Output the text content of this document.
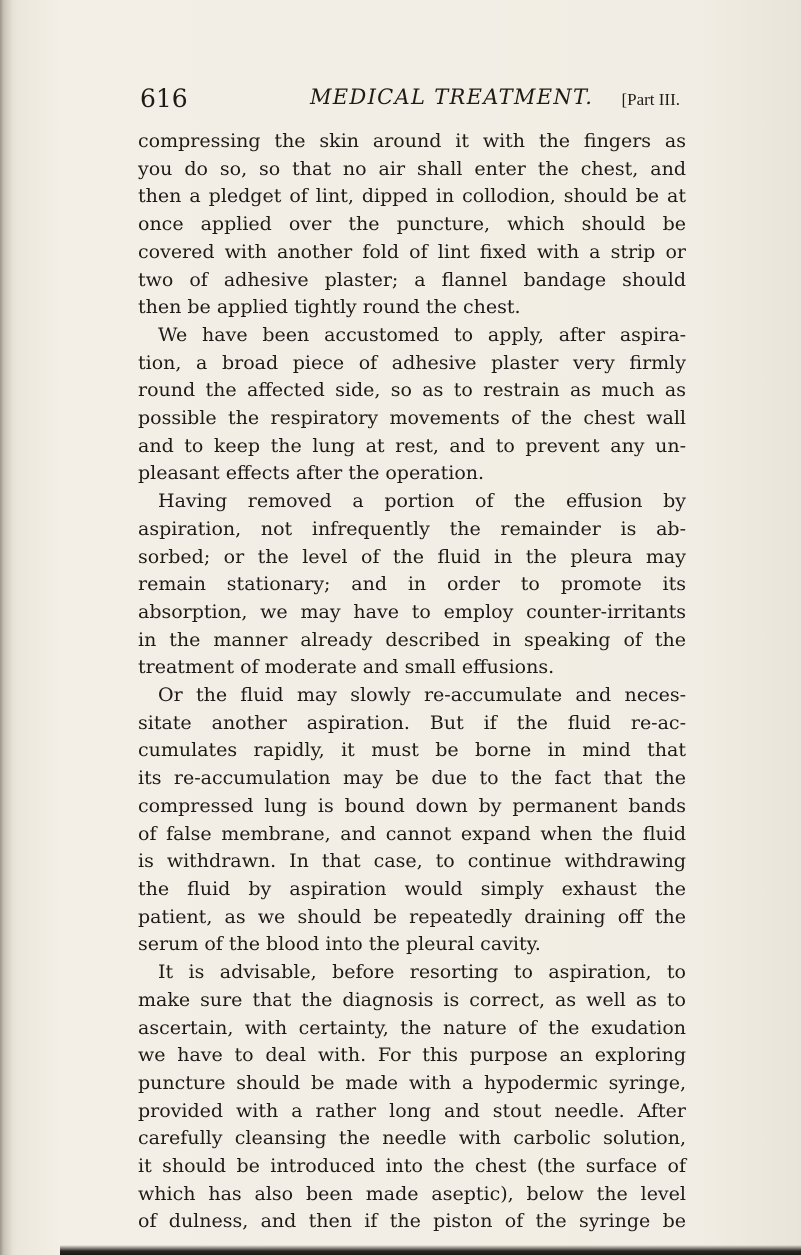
616	MEDICAL TREATMENT. [Part III.
compressing the skin around it with the fingers as
you do so, so that no air shall enter the chest, and
then a pledget of lint, dipped in collodion, should be at
once applied over the puncture, which should be
covered with another fold of lint fixed with a strip or
two of adhesive plaster; a flannel bandage should
then be applied tightly round the chest.
We have been accustomed to apply, after aspira-
tion, a broad piece of adhesive plaster very firmly
round the affected side, so as to restrain as much as
possible the respiratory movements of the chest wall
and to keep the lung at rest, and to prevent any un-
pleasant effects after the operation.
Having removed a portion of the effusion by
aspiration, not infrequently the remainder is ab-
sorbed; or the level of the fluid in the pleura may
remain stationary; and in order to promote its
absorption, we may have to employ counter-irritants
in the manner already described in speaking of the
treatment of moderate and small effusions.
Or the fluid may slowly re-accumulate and neces-
sitate another aspiration. But if the fluid re-ac-
cumulates rapidly, it must be borne in mind that
its re-accumulation may be due to the fact that the
compressed lung is bound down by permanent bands
of false membrane, and cannot expand when the fluid
is withdrawn. In that case, to continue withdrawing
the fluid by aspiration would simply exhaust the
patient, as we should be repeatedly draining off the
serum of the blood into the pleural cavity.
It is advisable, before resorting to aspiration, to
make sure that the diagnosis is correct, as well as to
ascertain, with certainty, the nature of the exudation
we have to deal with. For this purpose an exploring
puncture should be made with a hypodermic syringe,
provided with a rather long and stout needle. After
carefully cleansing the needle with carbolic solution,
it should be introduced into the chest (the surface of
which has also been made aseptic), below the level
of dulness, and then if the piston of the syringe be
